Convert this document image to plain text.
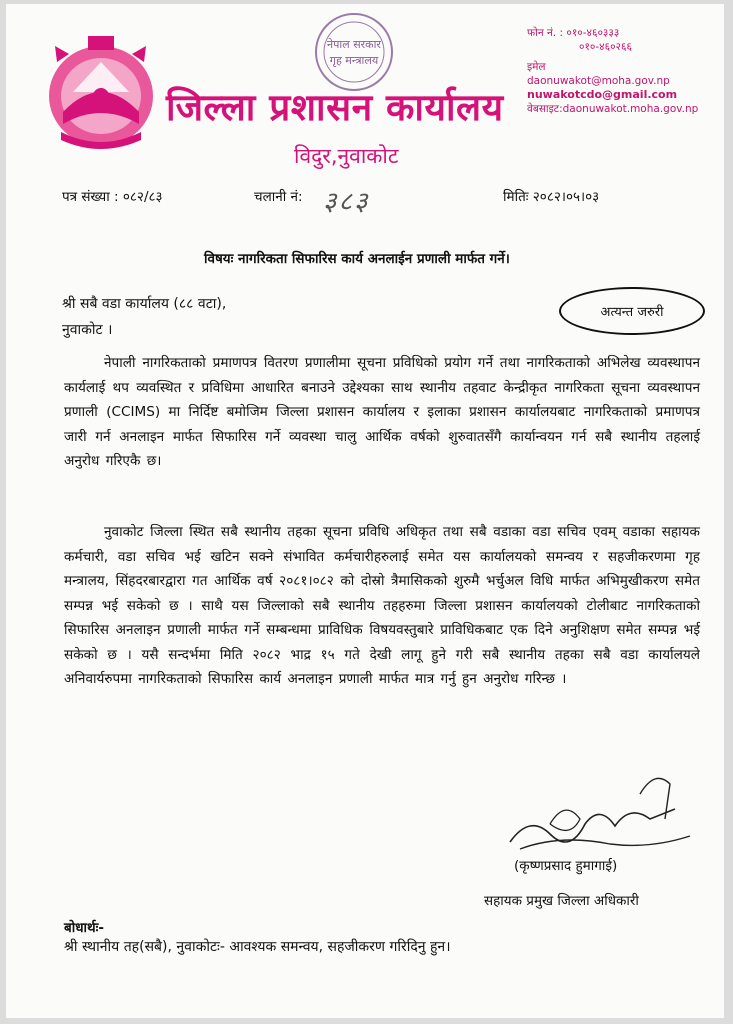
नेपाल सरकार
गृह मन्त्रालय
जिल्ला प्रशासन कार्यालय
विदुर,नुवाकोट
फोन नं. : ०१०-४६०३३३
०१०-४६०२६६
इमेल
daonuwakot@moha.gov.np
nuwakotcdo@gmail.com
वेबसाइट:daonuwakot.moha.gov.np
पत्र संख्या : ०८२/८३	चलानी नं: ३८३	मितिः २०८२।०५।०३
विषयः नागरिकता सिफारिस कार्य अनलाईन प्रणाली मार्फत गर्ने।
श्री सबै वडा कार्यालय (८८ वटा),
नुवाकोट ।
अत्यन्त जरुरी
नेपाली नागरिकताको प्रमाणपत्र वितरण प्रणालीमा सूचना प्रविधिको प्रयोग गर्ने तथा नागरिकताको अभिलेख व्यवस्थापन कार्यलाई थप व्यवस्थित र प्रविधिमा आधारित बनाउने उद्देश्यका साथ स्थानीय तहवाट केन्द्रीकृत नागरिकता सूचना व्यवस्थापन प्रणाली (CCIMS) मा निर्दिष्ट बमोजिम जिल्ला प्रशासन कार्यालय र इलाका प्रशासन कार्यालयबाट नागरिकताको प्रमाणपत्र जारी गर्न अनलाइन मार्फत सिफारिस गर्ने व्यवस्था चालु आर्थिक वर्षको शुरुवातसँगै कार्यान्वयन गर्न सबै स्थानीय तहलाई अनुरोध गरिएकै छ।
नुवाकोट जिल्ला स्थित सबै स्थानीय तहका सूचना प्रविधि अधिकृत तथा सबै वडाका वडा सचिव एवम् वडाका सहायक कर्मचारी, वडा सचिव भई खटिन सक्ने संभावित कर्मचारीहरुलाई समेत यस कार्यालयको समन्वय र सहजीकरणमा गृह मन्त्रालय, सिंहदरबारद्वारा गत आर्थिक वर्ष २०८१।०८२ को दोस्रो त्रैमासिकको शुरुमै भर्चुअल विधि मार्फत अभिमुखीकरण समेत सम्पन्न भई सकेको छ । साथै यस जिल्लाको सबै स्थानीय तहहरुमा जिल्ला प्रशासन कार्यालयको टोलीबाट नागरिकताको सिफारिस अनलाइन प्रणाली मार्फत गर्ने सम्बन्धमा प्राविधिक विषयवस्तुबारे प्राविधिकबाट एक दिने अनुशिक्षण समेत सम्पन्न भई सकेको छ । यसै सन्दर्भमा मिति २०८२ भाद्र १५ गते देखी लागू हुने गरी सबै स्थानीय तहका सबै वडा कार्यालयले अनिवार्यरुपमा नागरिकताको सिफारिस कार्य अनलाइन प्रणाली मार्फत मात्र गर्नु हुन अनुरोध गरिन्छ ।
(कृष्णप्रसाद हुमागाई)
सहायक प्रमुख जिल्ला अधिकारी
बोधार्थः-
श्री स्थानीय तह(सबै), नुवाकोटः- आवश्यक समन्वय, सहजीकरण गरिदिनु हुन।
